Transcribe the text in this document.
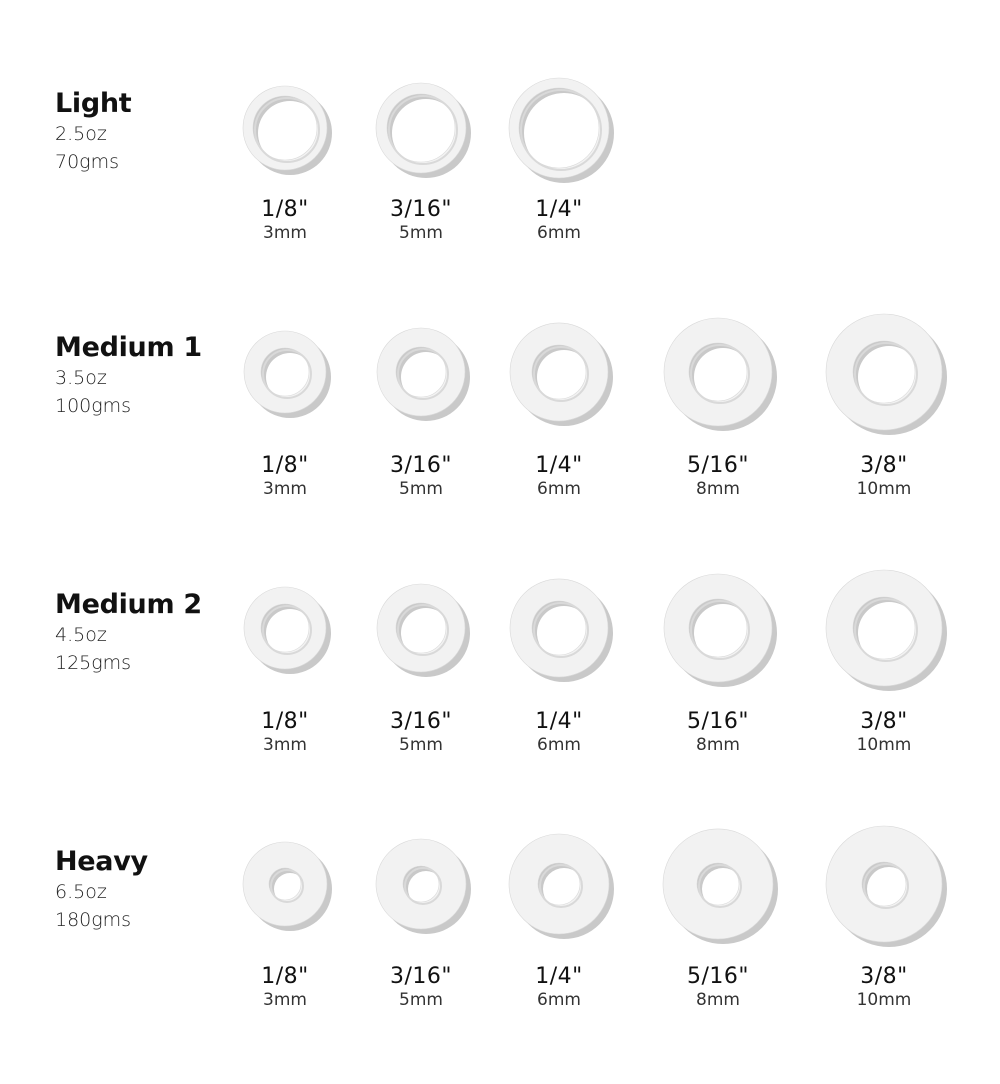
Light
2.5oz
70gms
Medium 1
3.5oz
100gms
Medium 2
4.5oz
125gms
Heavy
6.5oz
180gms
1/8"
3mm
3/16"
5mm
1/4"
6mm
1/8"
3mm
3/16"
5mm
1/4"
6mm
5/16"
8mm
3/8"
10mm
1/8"
3mm
3/16"
5mm
1/4"
6mm
5/16"
8mm
3/8"
10mm
1/8"
3mm
3/16"
5mm
1/4"
6mm
5/16"
8mm
3/8"
10mm
